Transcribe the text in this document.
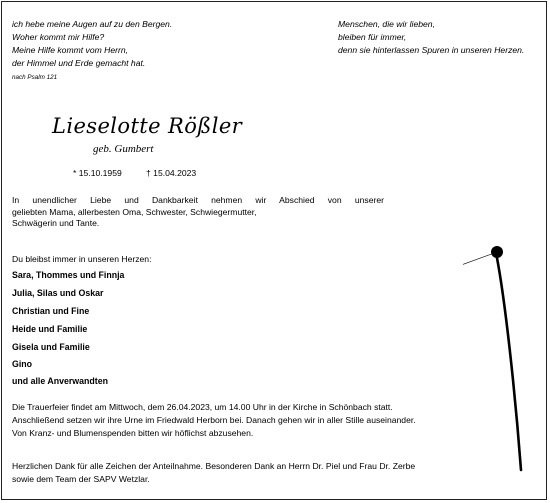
ich hebe meine Augen auf zu den Bergen.
Woher kommt mir Hilfe?
Meine Hilfe kommt vom Herrn,
der Himmel und Erde gemacht hat.
nach Psalm 121
Menschen, die wir lieben,
bleiben für immer,
denn sie hinterlassen Spuren in unseren Herzen.
Lieselotte Rößler
geb. Gumbert
* 15.10.1959	† 15.04.2023
In unendlicher Liebe und Dankbarkeit nehmen wir Abschied von unserer
geliebten Mama, allerbesten Oma, Schwester, Schwiegermutter,
Schwägerin und Tante.
Du bleibst immer in unseren Herzen:
Sara, Thommes und Finnja
Julia, Silas und Oskar
Christian und Fine
Heide und Familie
Gisela und Familie
Gino
und alle Anverwandten
Die Trauerfeier findet am Mittwoch, dem 26.04.2023, um 14.00 Uhr in der Kirche in Schönbach statt.
Anschließend setzen wir ihre Urne im Friedwald Herborn bei. Danach gehen wir in aller Stille auseinander.
Von Kranz- und Blumenspenden bitten wir höflichst abzusehen.
Herzlichen Dank für alle Zeichen der Anteilnahme. Besonderen Dank an Herrn Dr. Piel und Frau Dr. Zerbe
sowie dem Team der SAPV Wetzlar.
